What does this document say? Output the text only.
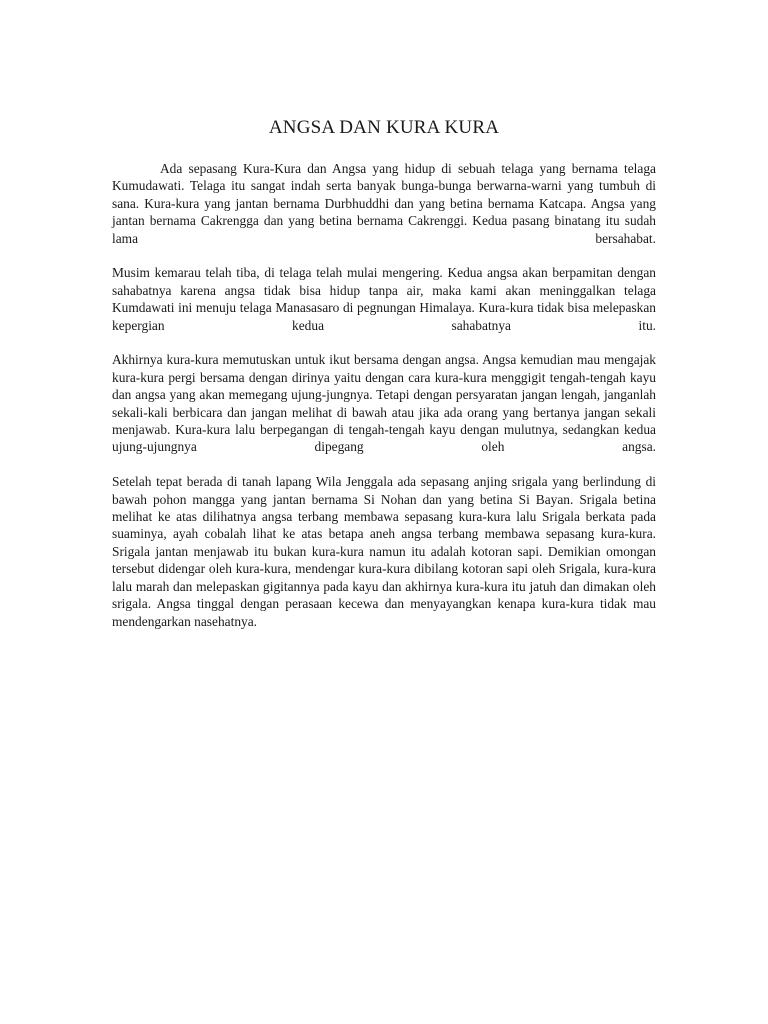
ANGSA DAN KURA KURA

Ada sepasang Kura-Kura dan Angsa yang hidup di sebuah telaga yang bernama telaga Kumudawati. Telaga itu sangat indah serta banyak bunga-bunga berwarna-warni yang tumbuh di sana. Kura-kura yang jantan bernama Durbhuddhi dan yang betina bernama Katcapa. Angsa yang jantan bernama Cakrengga dan yang betina bernama Cakrenggi. Kedua pasang binatang itu sudah lama bersahabat.

Musim kemarau telah tiba, di telaga telah mulai mengering. Kedua angsa akan berpamitan dengan sahabatnya karena angsa tidak bisa hidup tanpa air, maka kami akan meninggalkan telaga Kumdawati ini menuju telaga Manasasaro di pegnungan Himalaya. Kura-kura tidak bisa melepaskan kepergian kedua sahabatnya itu.

Akhirnya kura-kura memutuskan untuk ikut bersama dengan angsa. Angsa kemudian mau mengajak kura-kura pergi bersama dengan dirinya yaitu dengan cara kura-kura menggigit tengah-tengah kayu dan angsa yang akan memegang ujung-jungnya. Tetapi dengan persyaratan jangan lengah, janganlah sekali-kali berbicara dan jangan melihat di bawah atau jika ada orang yang bertanya jangan sekali menjawab. Kura-kura lalu berpegangan di tengah-tengah kayu dengan mulutnya, sedangkan kedua ujung-ujungnya dipegang oleh angsa.

Setelah tepat berada di tanah lapang Wila Jenggala ada sepasang anjing srigala yang berlindung di bawah pohon mangga yang jantan bernama Si Nohan dan yang betina Si Bayan. Srigala betina melihat ke atas dilihatnya angsa terbang membawa sepasang kura-kura lalu Srigala berkata pada suaminya, ayah cobalah lihat ke atas betapa aneh angsa terbang membawa sepasang kura-kura. Srigala jantan menjawab itu bukan kura-kura namun itu adalah kotoran sapi. Demikian omongan tersebut didengar oleh kura-kura, mendengar kura-kura dibilang kotoran sapi oleh Srigala, kura-kura lalu marah dan melepaskan gigitannya pada kayu dan akhirnya kura-kura itu jatuh dan dimakan oleh srigala. Angsa tinggal dengan perasaan kecewa dan menyayangkan kenapa kura-kura tidak mau mendengarkan nasehatnya.
